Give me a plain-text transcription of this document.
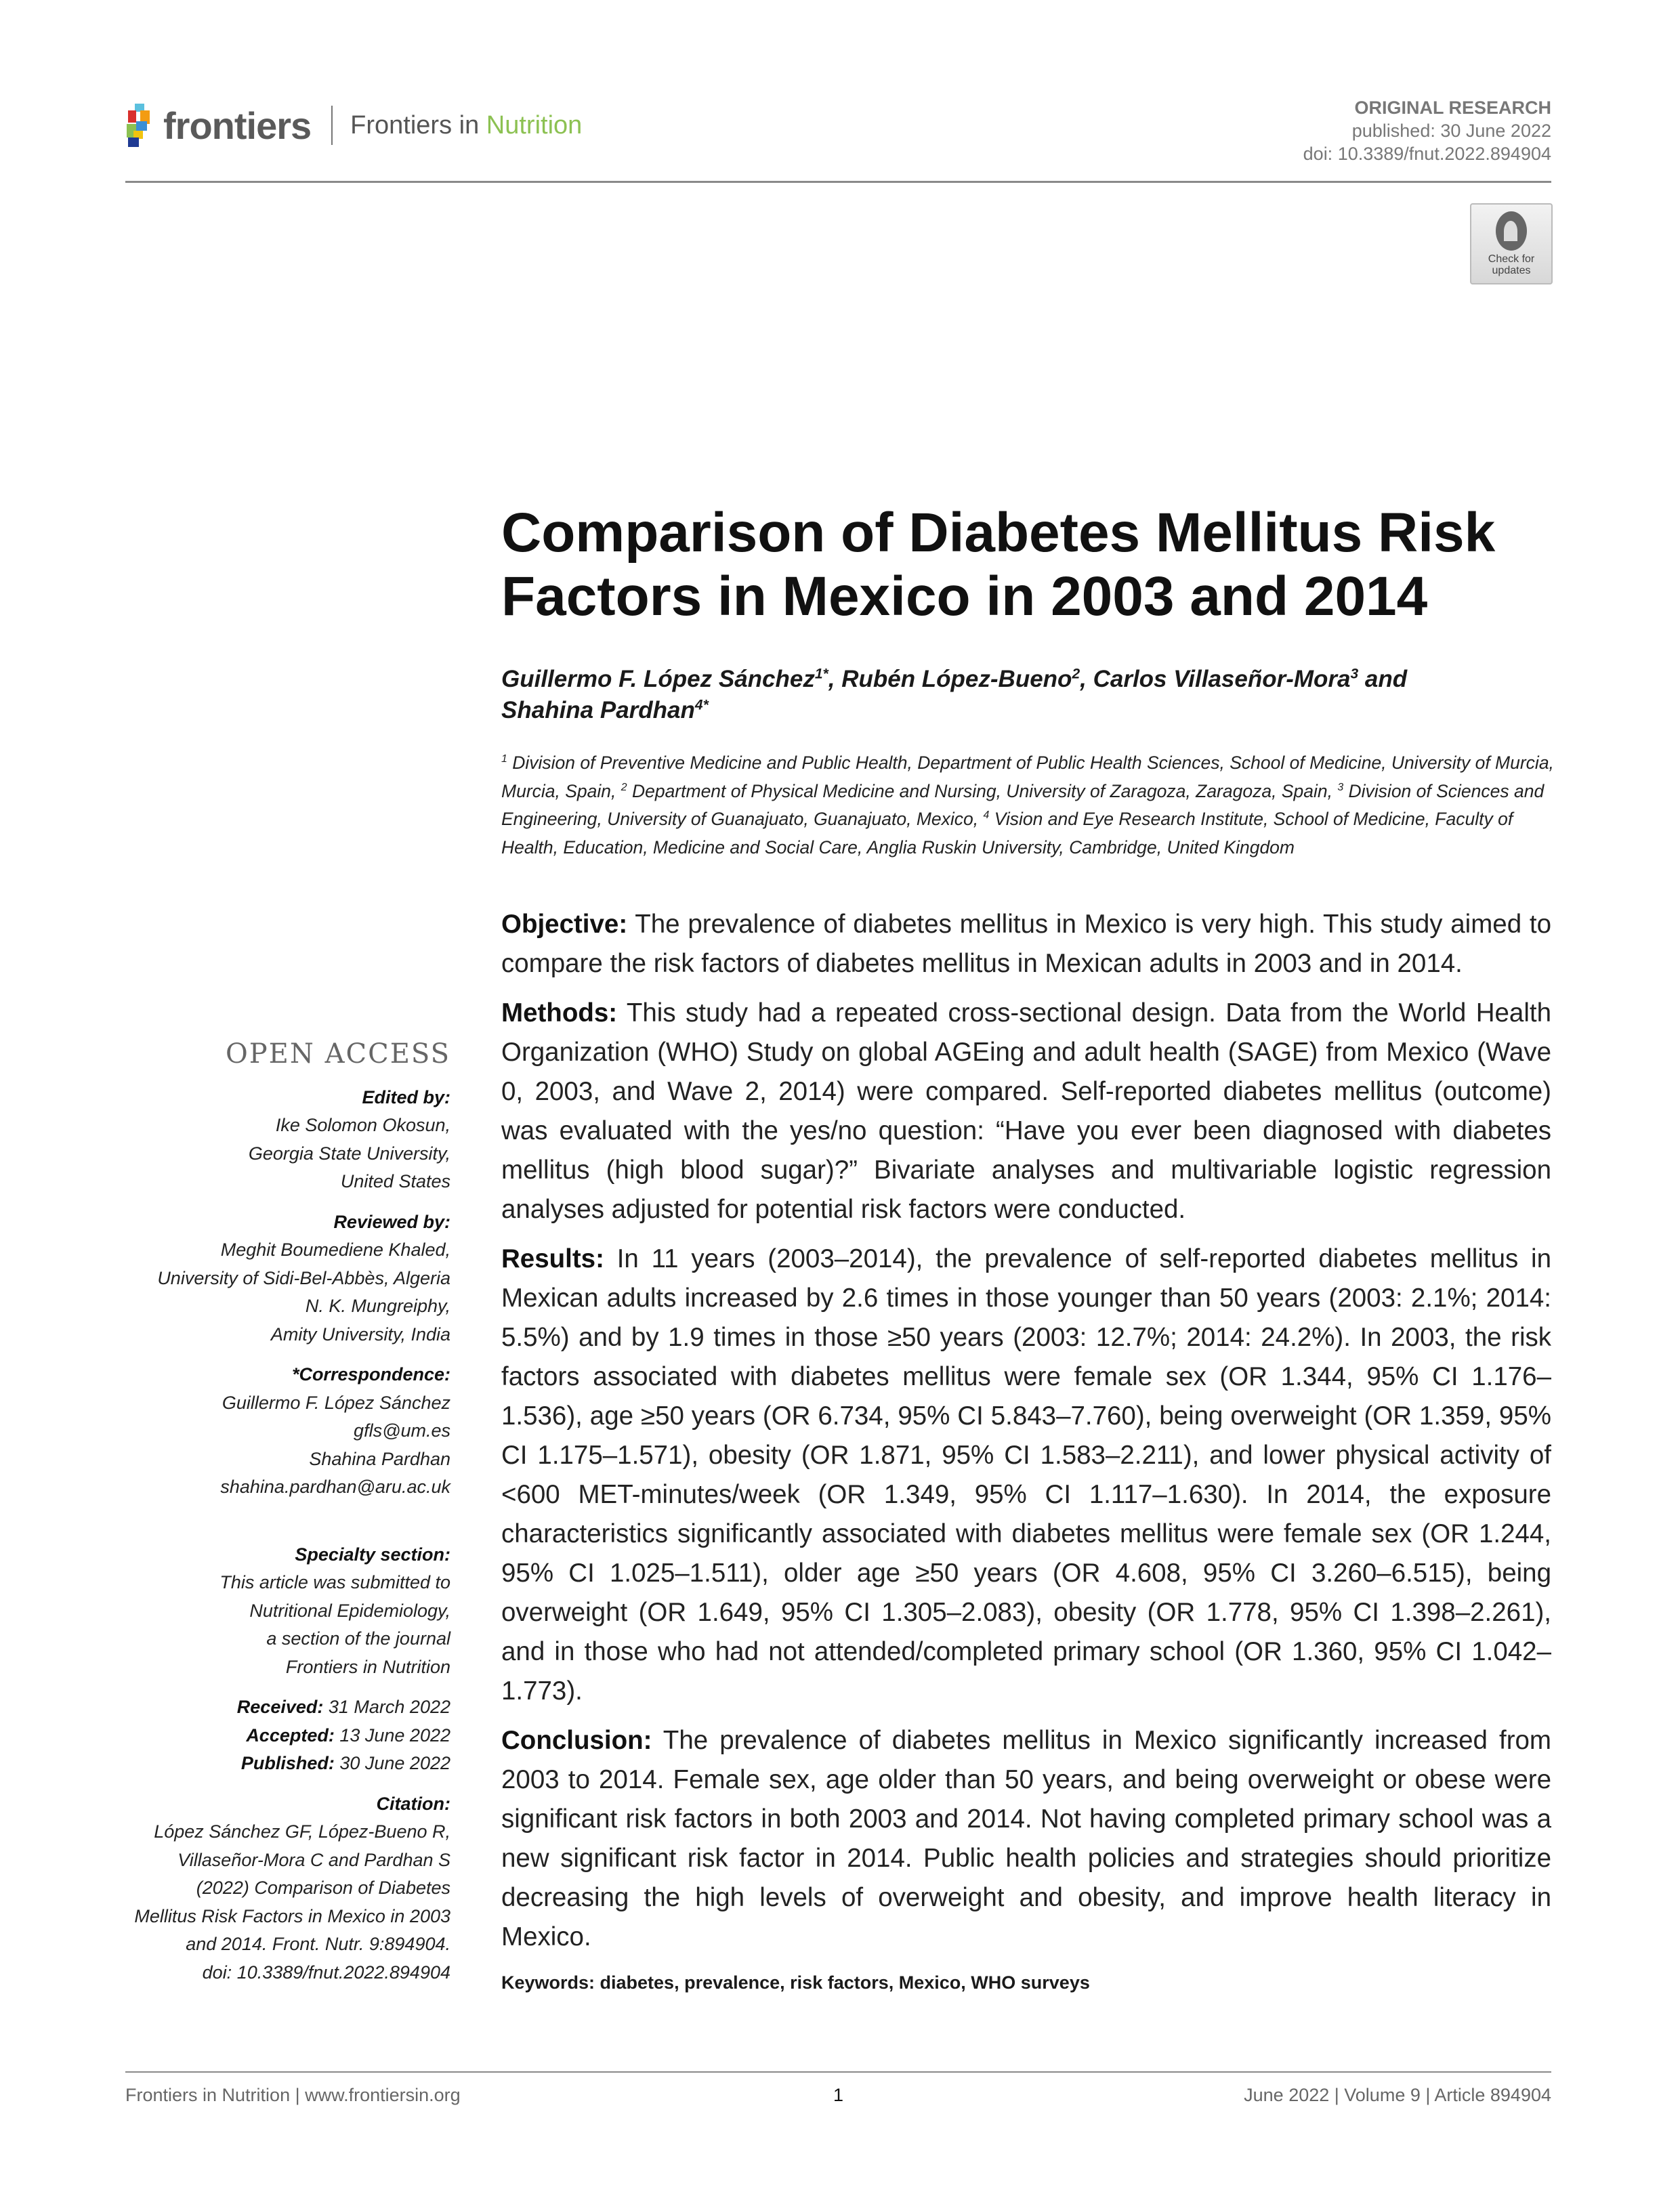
frontiers Frontiers in Nutrition
ORIGINAL RESEARCH
published: 30 June 2022
doi: 10.3389/fnut.2022.894904
Check for
updates
Comparison of Diabetes Mellitus Risk Factors in Mexico in 2003 and 2014
Guillermo F. López Sánchez$^{1*}$, Rubén López-Bueno$^2$, Carlos Villaseñor-Mora$^3$ and
Shahina Pardhan$^{4*}$
$^1$ Division of Preventive Medicine and Public Health, Department of Public Health Sciences, School of Medicine, University of Murcia, Murcia, Spain, $^2$ Department of Physical Medicine and Nursing, University of Zaragoza, Zaragoza, Spain, $^3$ Division of Sciences and Engineering, University of Guanajuato, Guanajuato, Mexico, $^4$ Vision and Eye Research Institute, School of Medicine, Faculty of Health, Education, Medicine and Social Care, Anglia Ruskin University, Cambridge, United Kingdom

Objective: The prevalence of diabetes mellitus in Mexico is very high. This study aimed to compare the risk factors of diabetes mellitus in Mexican adults in 2003 and in 2014.

Methods: This study had a repeated cross-sectional design. Data from the World Health Organization (WHO) Study on global AGEing and adult health (SAGE) from Mexico (Wave 0, 2003, and Wave 2, 2014) were compared. Self-reported diabetes mellitus (outcome) was evaluated with the yes/no question: “Have you ever been diagnosed with diabetes mellitus (high blood sugar)?” Bivariate analyses and multivariable logistic regression analyses adjusted for potential risk factors were conducted.

Results: In 11 years (2003–2014), the prevalence of self-reported diabetes mellitus in Mexican adults increased by 2.6 times in those younger than 50 years (2003: 2.1%; 2014: 5.5%) and by 1.9 times in those ≥50 years (2003: 12.7%; 2014: 24.2%). In 2003, the risk factors associated with diabetes mellitus were female sex (OR 1.344, 95% CI 1.176–1.536), age ≥50 years (OR 6.734, 95% CI 5.843–7.760), being overweight (OR 1.359, 95% CI 1.175–1.571), obesity (OR 1.871, 95% CI 1.583–2.211), and lower physical activity of <600 MET-minutes/week (OR 1.349, 95% CI 1.117–1.630). In 2014, the exposure characteristics significantly associated with diabetes mellitus were female sex (OR 1.244, 95% CI 1.025–1.511), older age ≥50 years (OR 4.608, 95% CI 3.260–6.515), being overweight (OR 1.649, 95% CI 1.305–2.083), obesity (OR 1.778, 95% CI 1.398–2.261), and in those who had not attended/completed primary school (OR 1.360, 95% CI 1.042–1.773).

Conclusion: The prevalence of diabetes mellitus in Mexico significantly increased from 2003 to 2014. Female sex, age older than 50 years, and being overweight or obese were significant risk factors in both 2003 and 2014. Not having completed primary school was a new significant risk factor in 2014. Public health policies and strategies should prioritize decreasing the high levels of overweight and obesity, and improve health literacy in Mexico.

Keywords: diabetes, prevalence, risk factors, Mexico, WHO surveys
OPEN ACCESS
Edited by:
Ike Solomon Okosun,
Georgia State University,
United States
Reviewed by:
Meghit Boumediene Khaled,
University of Sidi-Bel-Abbès, Algeria
N. K. Mungreiphy,
Amity University, India
*Correspondence:
Guillermo F. López Sánchez
gfls@um.es
Shahina Pardhan
shahina.pardhan@aru.ac.uk
Specialty section:
This article was submitted to
Nutritional Epidemiology,
a section of the journal
Frontiers in Nutrition
Received: 31 March 2022
Accepted: 13 June 2022
Published: 30 June 2022
Citation:
López Sánchez GF, López-Bueno R,
Villaseñor-Mora C and Pardhan S
(2022) Comparison of Diabetes
Mellitus Risk Factors in Mexico in 2003
and 2014. Front. Nutr. 9:894904.
doi: 10.3389/fnut.2022.894904
Frontiers in Nutrition | www.frontiersin.org	1	June 2022 | Volume 9 | Article 894904
